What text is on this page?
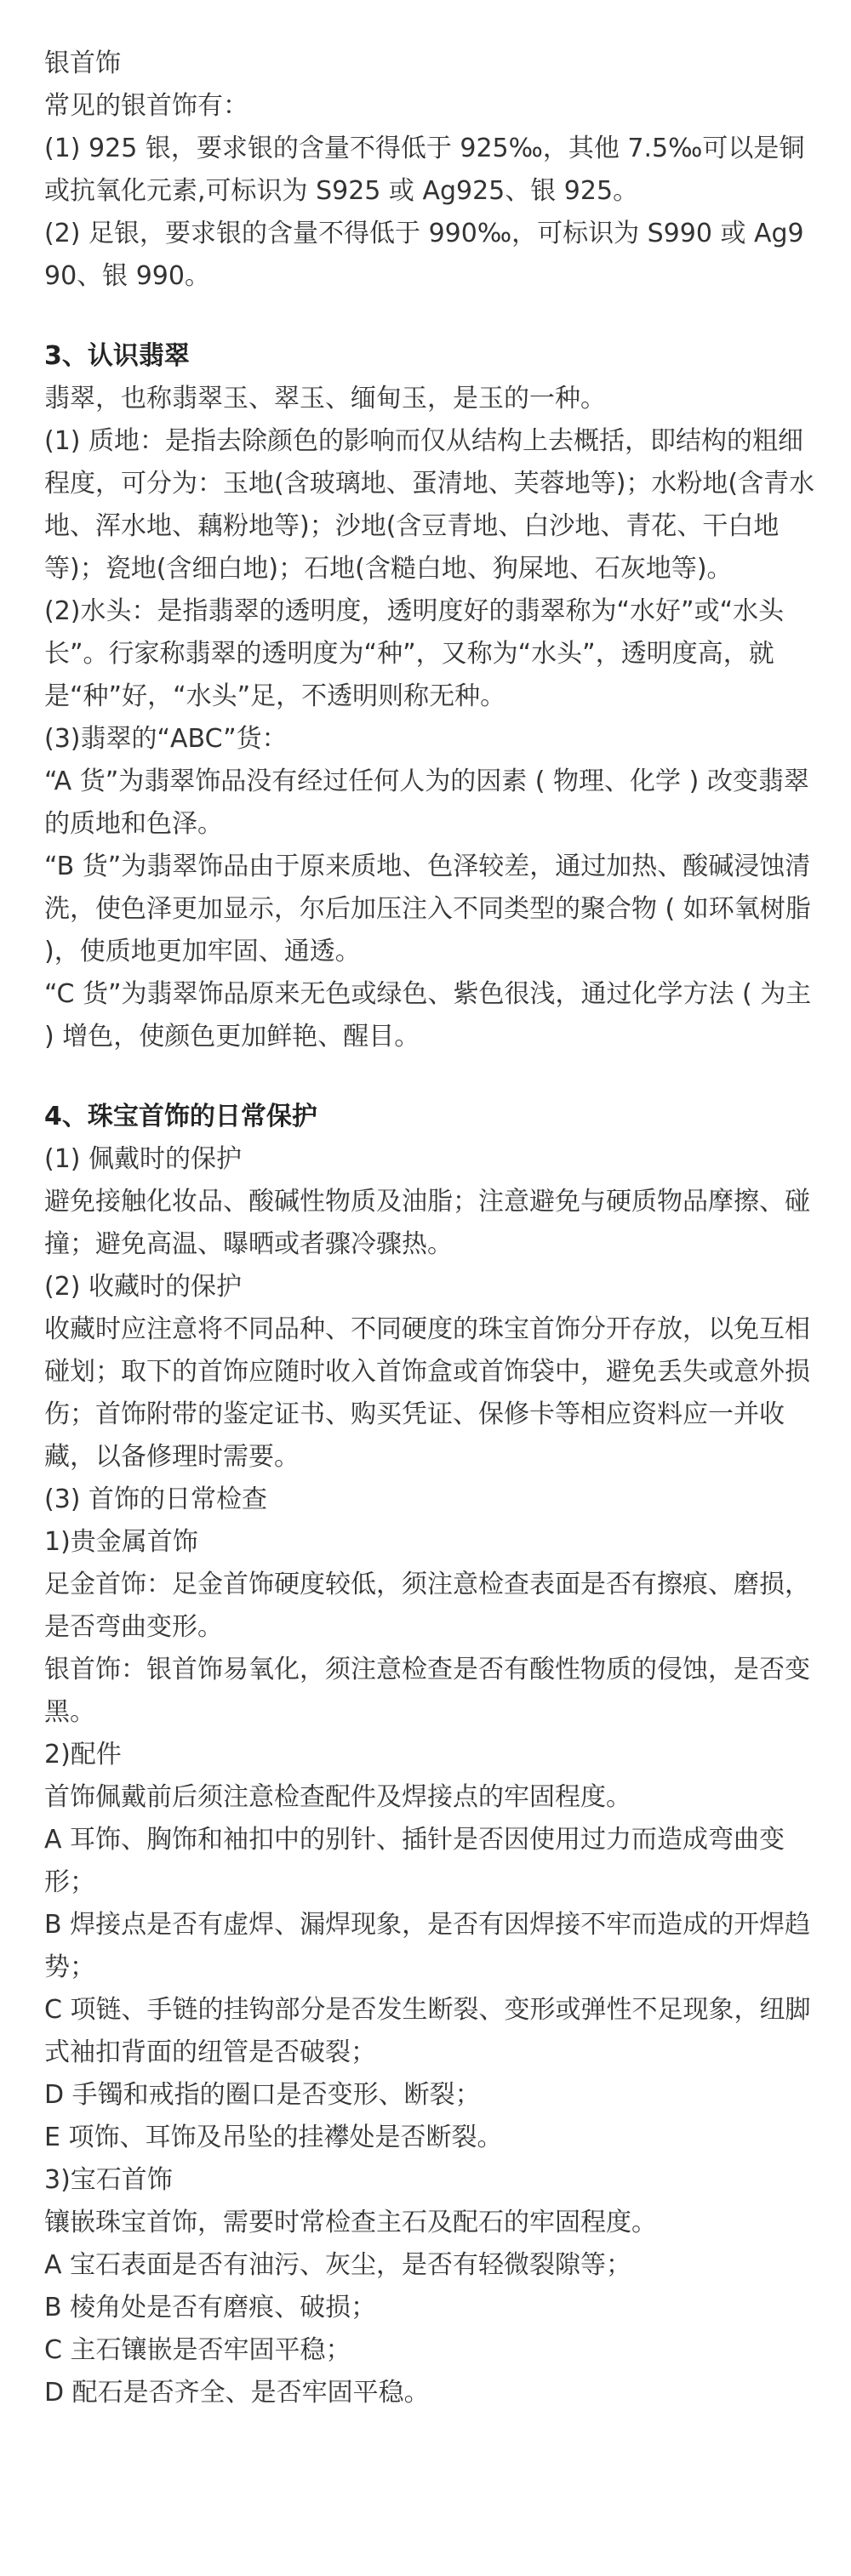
银首饰

常见的银首饰有：

(1) 925 银，要求银的含量不得低于 925‰，其他 7.5‰可以是铜或抗氧化元素,可标识为 S925 或 Ag925、银 925。

(2) 足银，要求银的含量不得低于 990‰，可标识为 S990 或 Ag990、银 990。

3、认识翡翠

翡翠，也称翡翠玉、翠玉、缅甸玉，是玉的一种。

(1) 质地：是指去除颜色的影响而仅从结构上去概括，即结构的粗细程度，可分为：玉地(含玻璃地、蛋清地、芙蓉地等)；水粉地(含青水地、浑水地、藕粉地等)；沙地(含豆青地、白沙地、青花、干白地等)；瓷地(含细白地)；石地(含糙白地、狗屎地、石灰地等)。

(2)水头：是指翡翠的透明度，透明度好的翡翠称为“水好”或“水头长”。行家称翡翠的透明度为“种”，又称为“水头”，透明度高，就是“种”好，“水头”足，不透明则称无种。

(3)翡翠的“ABC”货：

“A 货”为翡翠饰品没有经过任何人为的因素 ( 物理、化学 ) 改变翡翠的质地和色泽。

“B 货”为翡翠饰品由于原来质地、色泽较差，通过加热、酸碱浸蚀清洗，使色泽更加显示，尔后加压注入不同类型的聚合物 ( 如环氧树脂 )，使质地更加牢固、通透。

“C 货”为翡翠饰品原来无色或绿色、紫色很浅，通过化学方法 ( 为主 ) 增色，使颜色更加鲜艳、醒目。

4、珠宝首饰的日常保护

(1) 佩戴时的保护

避免接触化妆品、酸碱性物质及油脂；注意避免与硬质物品摩擦、碰撞；避免高温、曝晒或者骤冷骤热。

(2) 收藏时的保护

收藏时应注意将不同品种、不同硬度的珠宝首饰分开存放，以免互相碰划；取下的首饰应随时收入首饰盒或首饰袋中，避免丢失或意外损伤；首饰附带的鉴定证书、购买凭证、保修卡等相应资料应一并收藏，以备修理时需要。

(3) 首饰的日常检查

1)贵金属首饰

足金首饰：足金首饰硬度较低，须注意检查表面是否有擦痕、磨损，是否弯曲变形。

银首饰：银首饰易氧化，须注意检查是否有酸性物质的侵蚀，是否变黑。

2)配件

首饰佩戴前后须注意检查配件及焊接点的牢固程度。

A 耳饰、胸饰和袖扣中的别针、插针是否因使用过力而造成弯曲变形；

B 焊接点是否有虚焊、漏焊现象，是否有因焊接不牢而造成的开焊趋势；

C 项链、手链的挂钩部分是否发生断裂、变形或弹性不足现象，纽脚式袖扣背面的纽管是否破裂；

D 手镯和戒指的圈口是否变形、断裂；

E 项饰、耳饰及吊坠的挂襻处是否断裂。

3)宝石首饰

镶嵌珠宝首饰，需要时常检查主石及配石的牢固程度。

A 宝石表面是否有油污、灰尘，是否有轻微裂隙等；

B 棱角处是否有磨痕、破损；

C 主石镶嵌是否牢固平稳；

D 配石是否齐全、是否牢固平稳。
